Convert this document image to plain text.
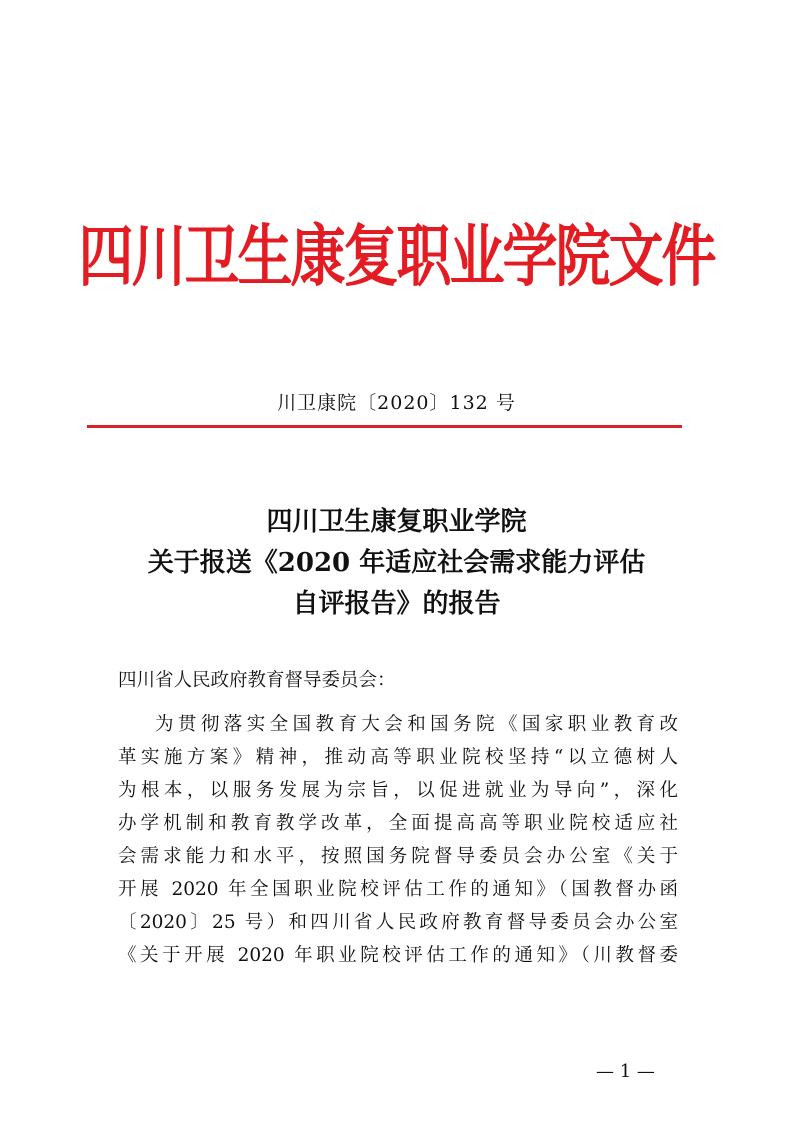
四川卫生康复职业学院文件
川卫康院〔2020〕132 号
四川卫生康复职业学院
关于报送《2020 年适应社会需求能力评估
自评报告》的报告
四川省人民政府教育督导委员会：
为贯彻落实全国教育大会和国务院《国家职业教育改
革实施方案》精神，推动高等职业院校坚持“以立德树人
为根本，以服务发展为宗旨，以促进就业为导向”，深化
办学机制和教育教学改革，全面提高高等职业院校适应社
会需求能力和水平，按照国务院督导委员会办公室《关于
开展 2020 年全国职业院校评估工作的通知》（国教督办函
〔2020〕25 号）和四川省人民政府教育督导委员会办公室
《关于开展 2020 年职业院校评估工作的通知》（川教督委
— 1 —
